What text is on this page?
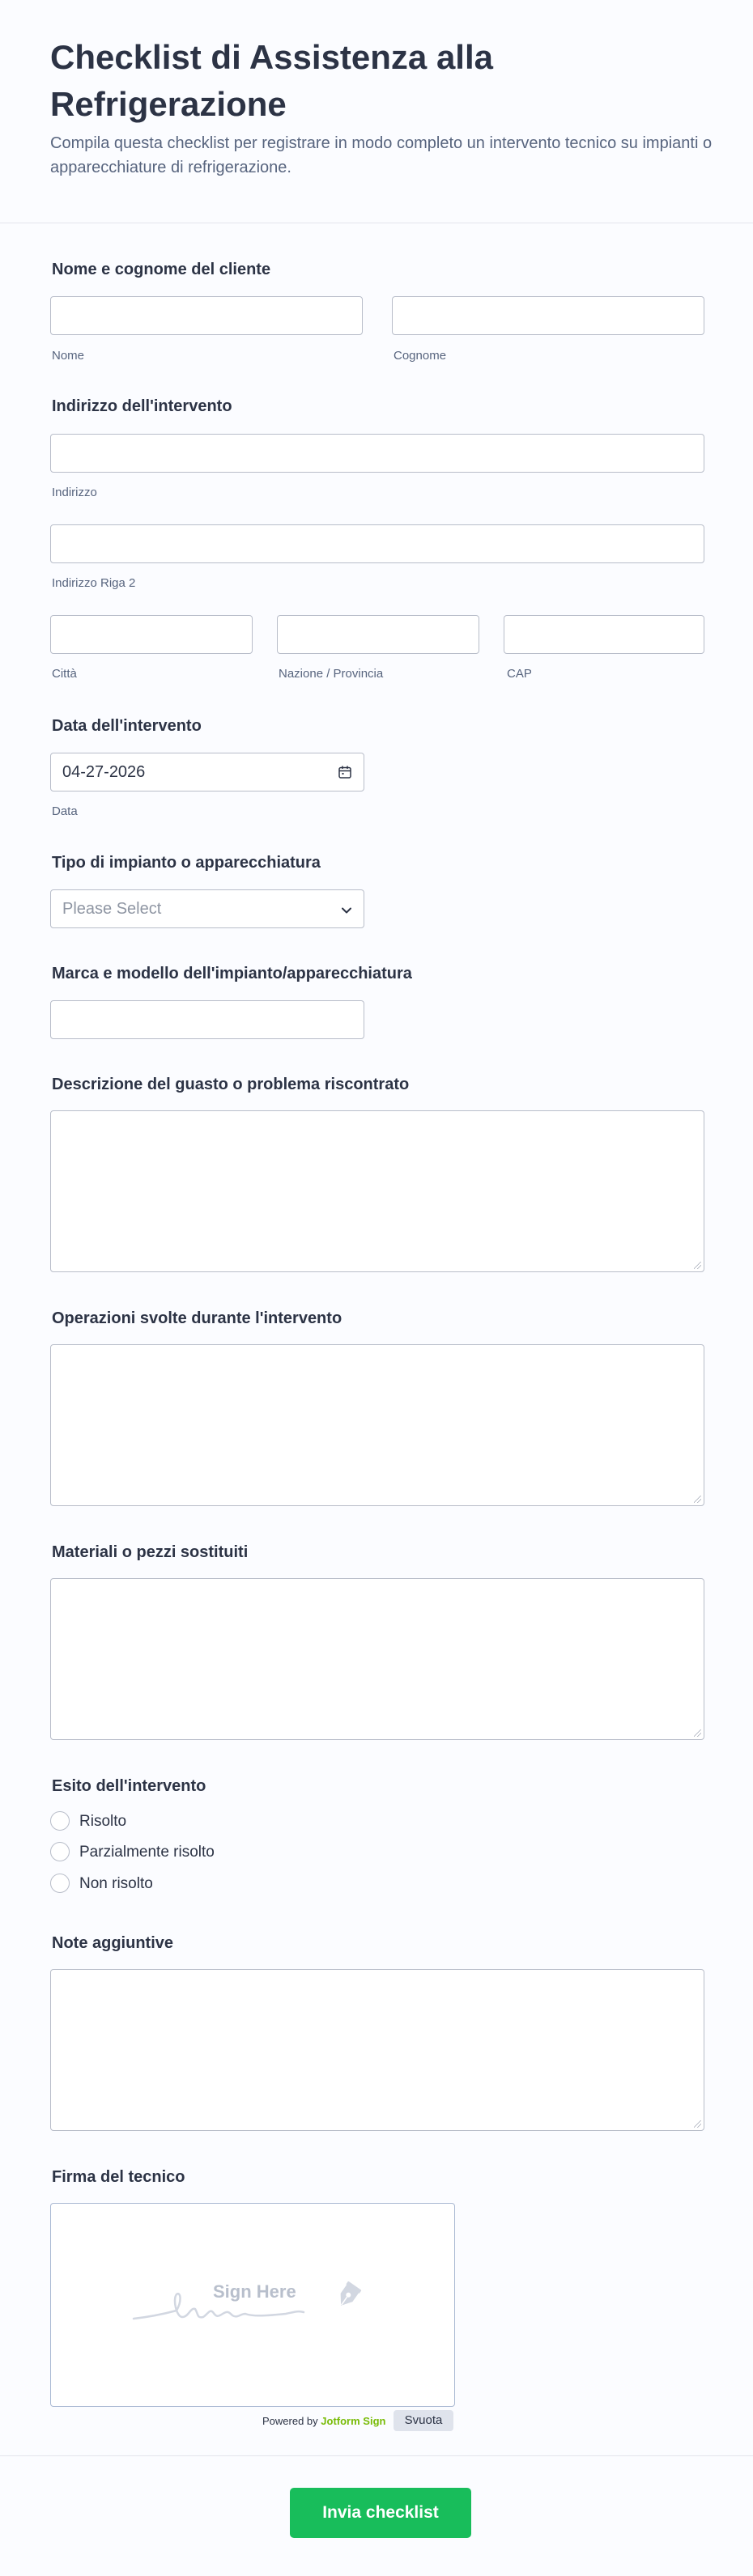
Checklist di Assistenza alla Refrigerazione
Compila questa checklist per registrare in modo completo un intervento tecnico su impianti o apparecchiature di refrigerazione.
Nome e cognome del cliente
Nome	Cognome
Indirizzo dell'intervento
Indirizzo
Indirizzo Riga 2
Città	Nazione / Provincia	CAP
Data dell'intervento
04-27-2026
Data
Tipo di impianto o apparecchiatura
Please Select
Marca e modello dell'impianto/apparecchiatura
Descrizione del guasto o problema riscontrato
Operazioni svolte durante l'intervento
Materiali o pezzi sostituiti
Esito dell'intervento
Risolto
Parzialmente risolto
Non risolto
Note aggiuntive
Firma del tecnico
Sign Here
Powered by Jotform Sign	Svuota
Invia checklist
